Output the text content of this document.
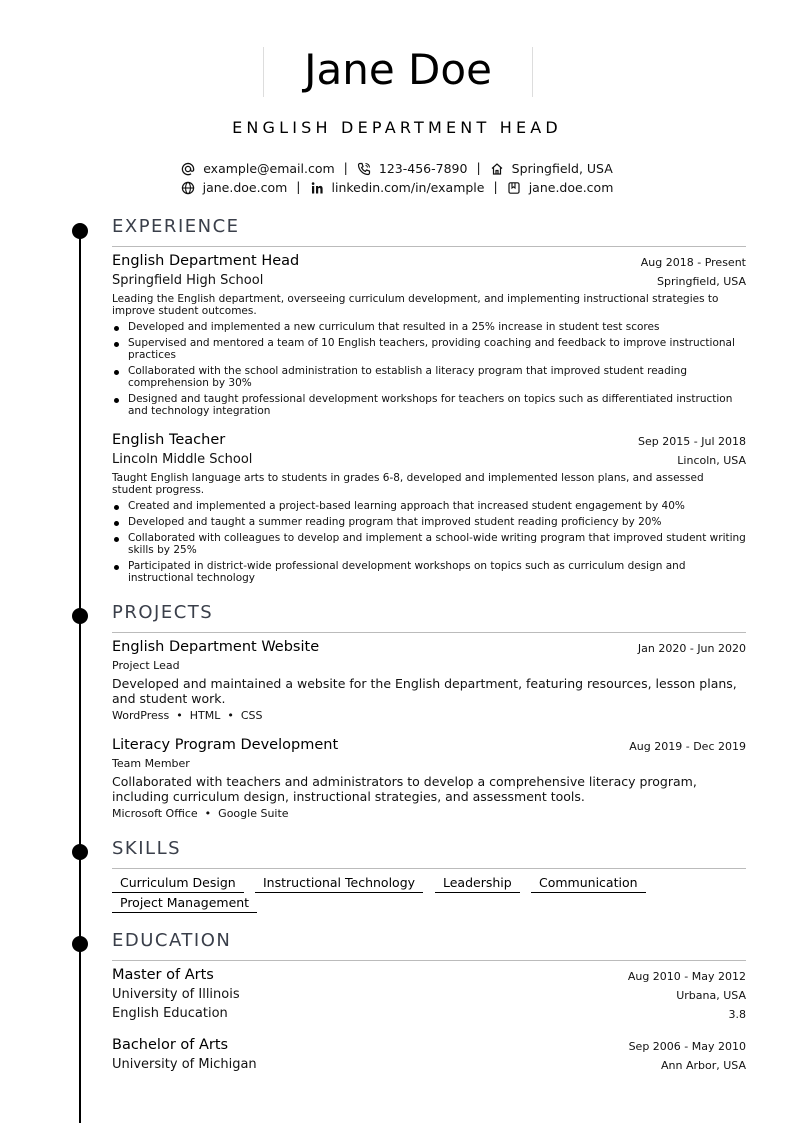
Jane Doe
ENGLISH DEPARTMENT HEAD
example@email.com | 123-456-7890 | Springfield, USA
jane.doe.com | linkedin.com/in/example | jane.doe.com
EXPERIENCE
English Department Head	Aug 2018 - Present
Springfield High School	Springfield, USA
Leading the English department, overseeing curriculum development, and implementing instructional strategies to improve student outcomes.
Developed and implemented a new curriculum that resulted in a 25% increase in student test scores
Supervised and mentored a team of 10 English teachers, providing coaching and feedback to improve instructional practices
Collaborated with the school administration to establish a literacy program that improved student reading comprehension by 30%
Designed and taught professional development workshops for teachers on topics such as differentiated instruction and technology integration
English Teacher	Sep 2015 - Jul 2018
Lincoln Middle School	Lincoln, USA
Taught English language arts to students in grades 6-8, developed and implemented lesson plans, and assessed student progress.
Created and implemented a project-based learning approach that increased student engagement by 40%
Developed and taught a summer reading program that improved student reading proficiency by 20%
Collaborated with colleagues to develop and implement a school-wide writing program that improved student writing skills by 25%
Participated in district-wide professional development workshops on topics such as curriculum design and instructional technology
PROJECTS
English Department Website	Jan 2020 - Jun 2020
Project Lead
Developed and maintained a website for the English department, featuring resources, lesson plans, and student work.
WordPress • HTML • CSS
Literacy Program Development	Aug 2019 - Dec 2019
Team Member
Collaborated with teachers and administrators to develop a comprehensive literacy program, including curriculum design, instructional strategies, and assessment tools.
Microsoft Office • Google Suite
SKILLS
Curriculum Design	Instructional Technology	Leadership	Communication
Project Management
EDUCATION
Master of Arts	Aug 2010 - May 2012
University of Illinois	Urbana, USA
English Education	3.8
Bachelor of Arts	Sep 2006 - May 2010
University of Michigan	Ann Arbor, USA
